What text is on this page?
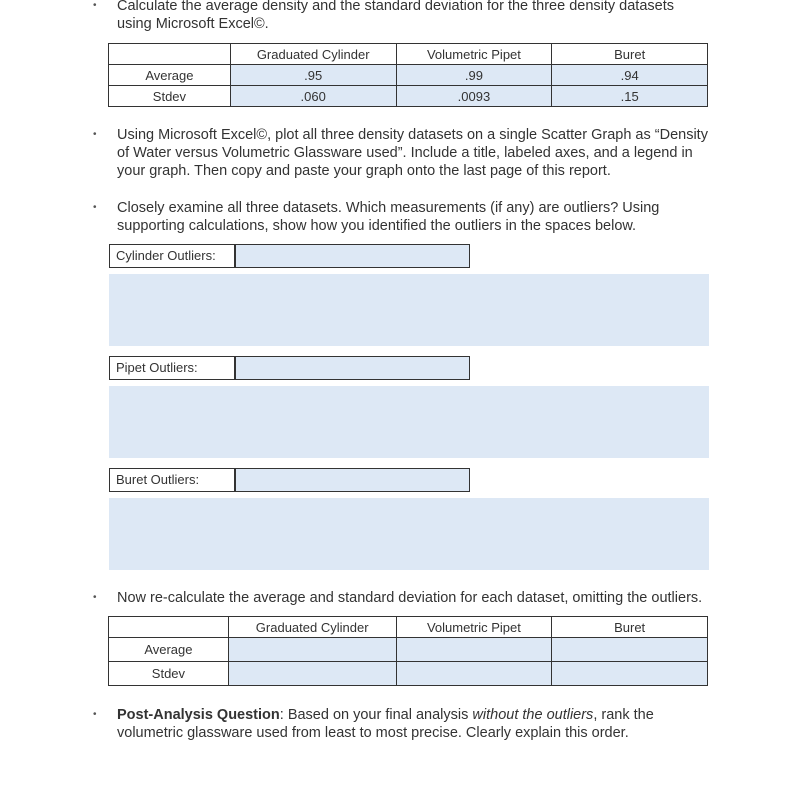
• Calculate the average density and the standard deviation for the three density datasets
using Microsoft Excel©.
	Graduated Cylinder	Volumetric Pipet	Buret
Average	.95	.99	.94
Stdev	.060	.0093	.15
• Using Microsoft Excel©, plot all three density datasets on a single Scatter Graph as “Density
of Water versus Volumetric Glassware used”. Include a title, labeled axes, and a legend in
your graph. Then copy and paste your graph onto the last page of this report.
• Closely examine all three datasets. Which measurements (if any) are outliers? Using
supporting calculations, show how you identified the outliers in the spaces below.
Cylinder Outliers:
Pipet Outliers:
Buret Outliers:
• Now re-calculate the average and standard deviation for each dataset, omitting the outliers.
	Graduated Cylinder	Volumetric Pipet	Buret
Average			
Stdev			
• Post-Analysis Question: Based on your final analysis without the outliers, rank the
volumetric glassware used from least to most precise. Clearly explain this order.
